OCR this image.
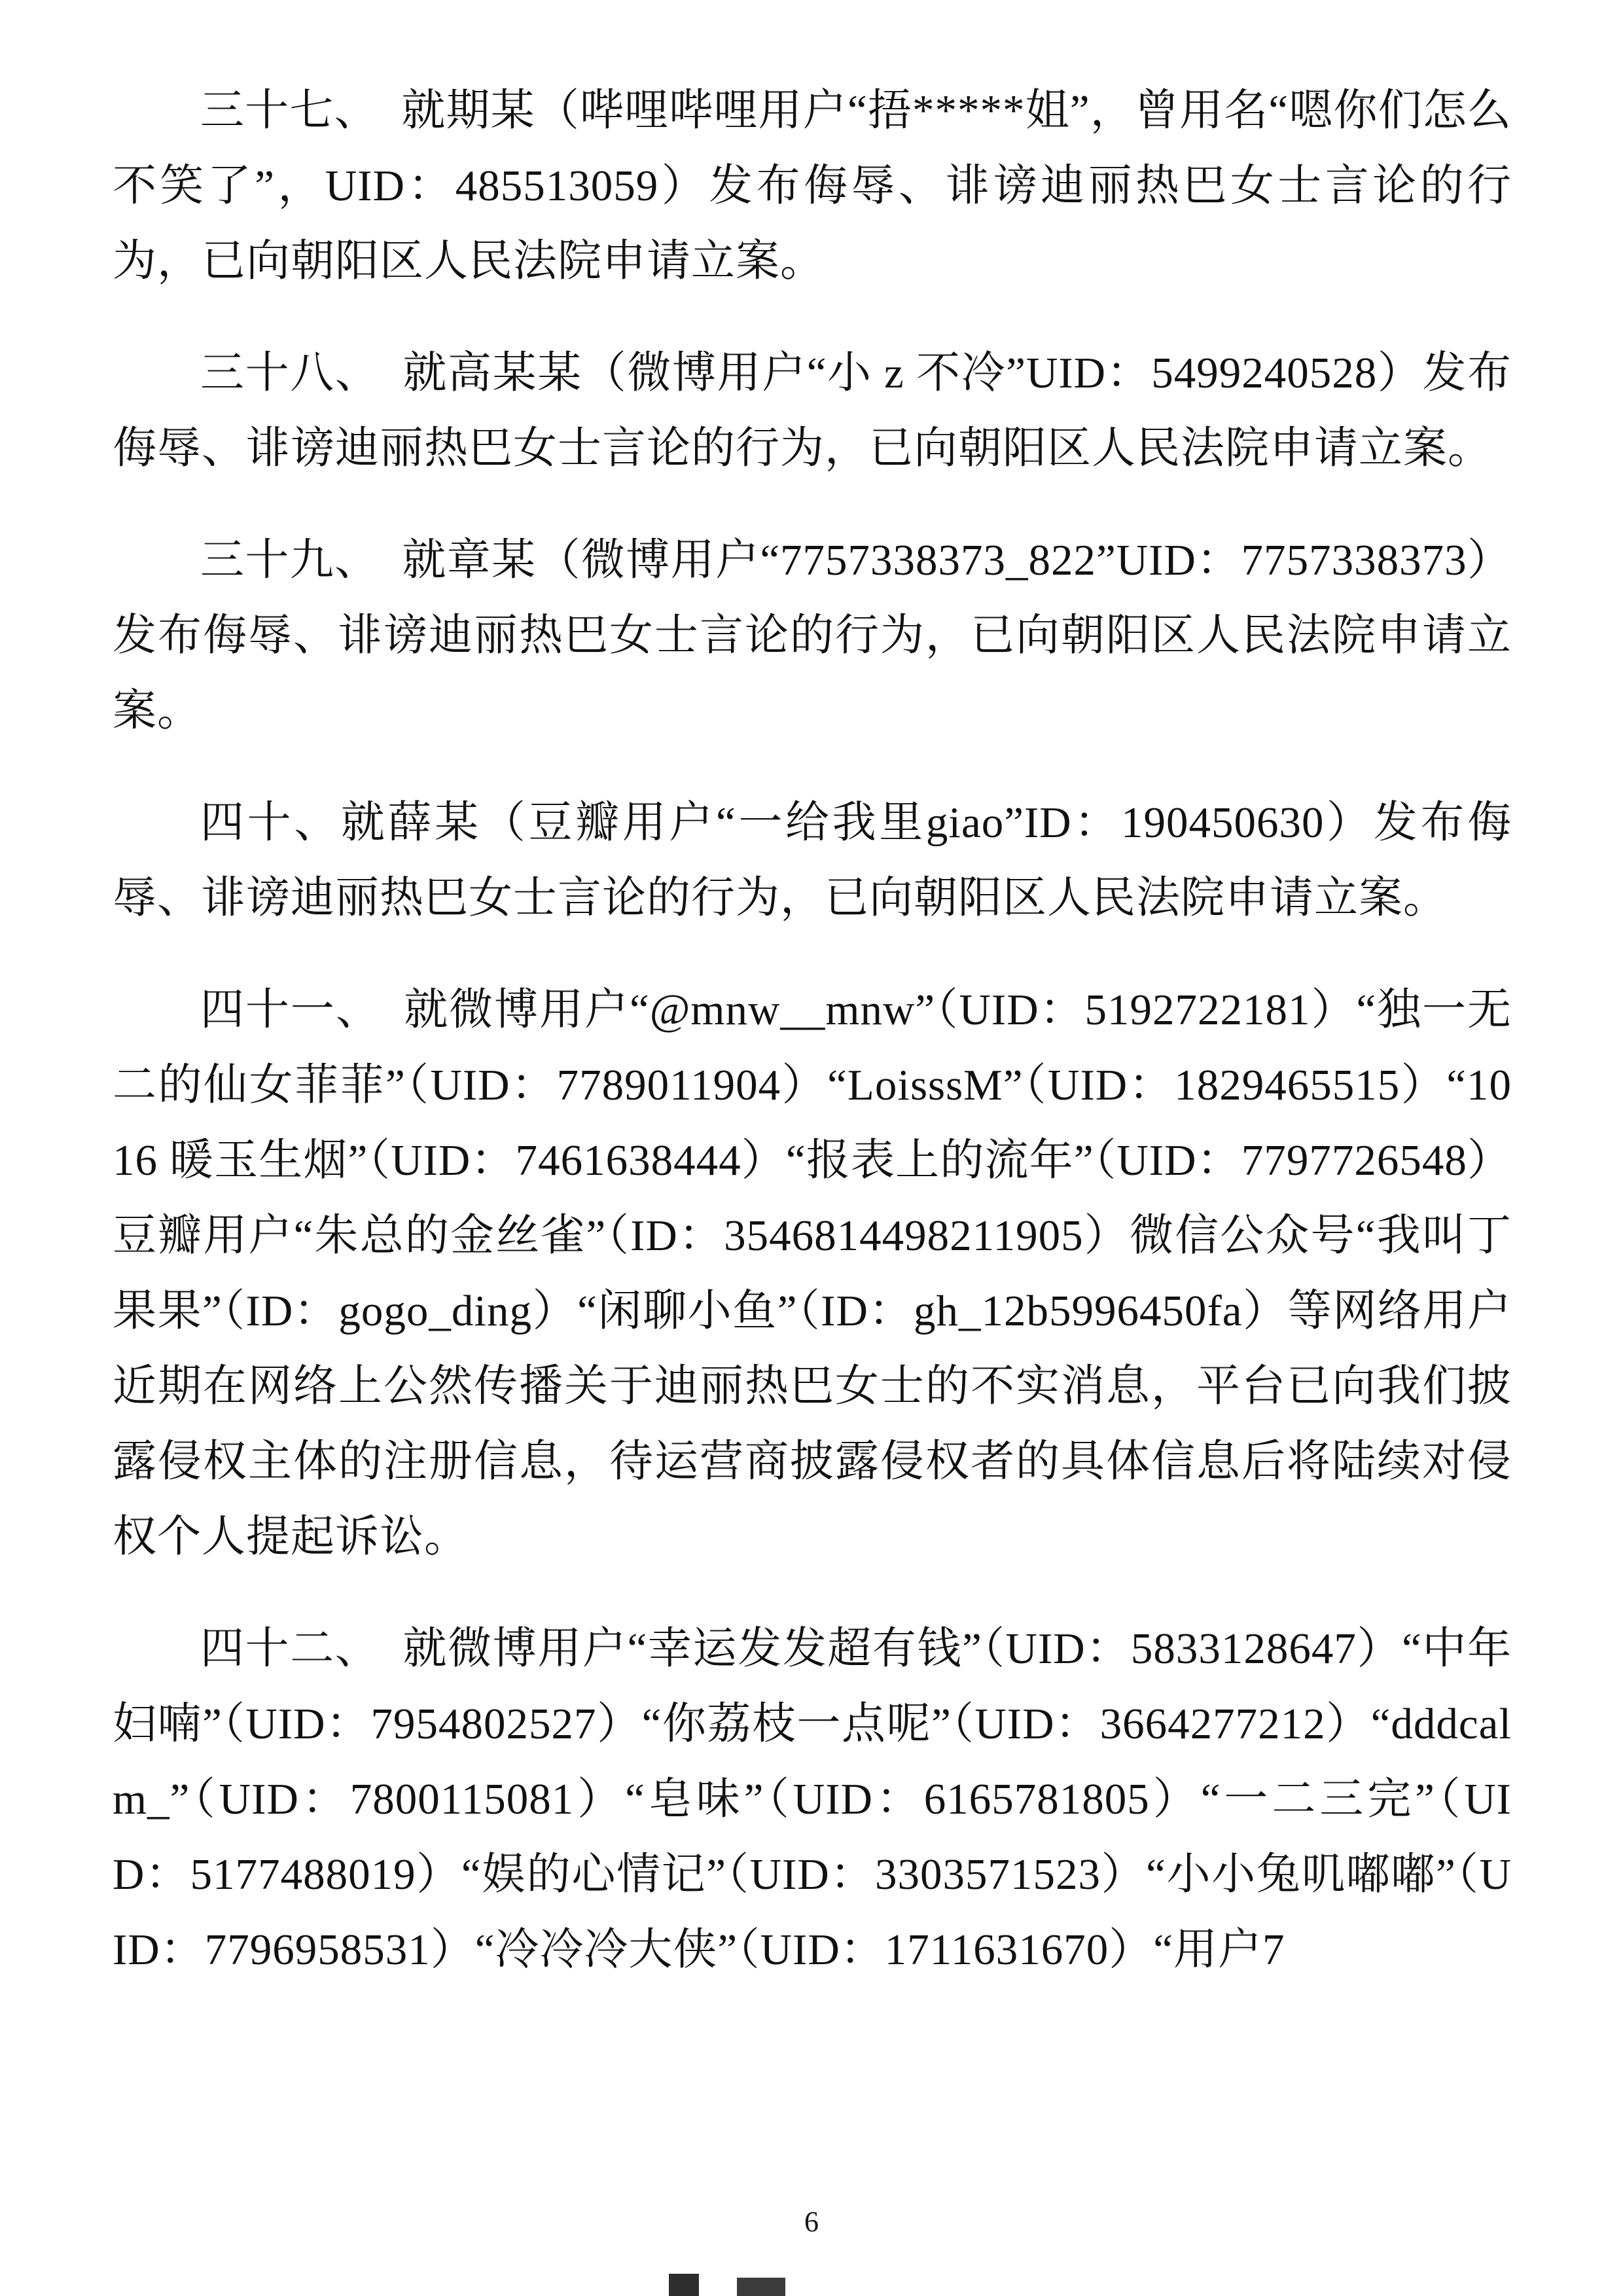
三十七、　就期某（哔哩哔哩用户“捂*****姐”，曾用名“嗯你们怎么不笑了”，UID：485513059）发布侮辱、诽谤迪丽热巴女士言论的行为，已向朝阳区人民法院申请立案。

三十八、　就高某某（微博用户“小 z 不冷”UID：5499240528）发布侮辱、诽谤迪丽热巴女士言论的行为，已向朝阳区人民法院申请立案。

三十九、　就章某（微博用户“7757338373_822”UID：7757338373）发布侮辱、诽谤迪丽热巴女士言论的行为，已向朝阳区人民法院申请立案。

四十、就薛某（豆瓣用户“一给我里giao”ID：190450630）发布侮辱、诽谤迪丽热巴女士言论的行为，已向朝阳区人民法院申请立案。

四十一、　就微博用户“@mnw__mnw”（UID：5192722181）“独一无二的仙女菲菲”（UID：7789011904）“LoisssM”（UID：1829465515）“1016 暖玉生烟”（UID：7461638444）“报表上的流年”（UID：7797726548）豆瓣用户“朱总的金丝雀”（ID：3546814498211905）微信公众号“我叫丁果果”（ID：gogo_ding）“闲聊小鱼”（ID：gh_12b5996450fa）等网络用户近期在网络上公然传播关于迪丽热巴女士的不实消息，平台已向我们披露侵权主体的注册信息，待运营商披露侵权者的具体信息后将陆续对侵权个人提起诉讼。

四十二、　就微博用户“幸运发发超有钱”（UID：5833128647）“中年妇喃”（UID：7954802527）“你荔枝一点呢”（UID：3664277212）“dddcalm_”（UID：7800115081）“皂味”（UID：6165781805）“一二三完”（UID：5177488019）“娱的心情记”（UID：3303571523）“小小兔叽嘟嘟”（UID：7796958531）“冷冷冷大侠”（UID：1711631670）“用户7

6
